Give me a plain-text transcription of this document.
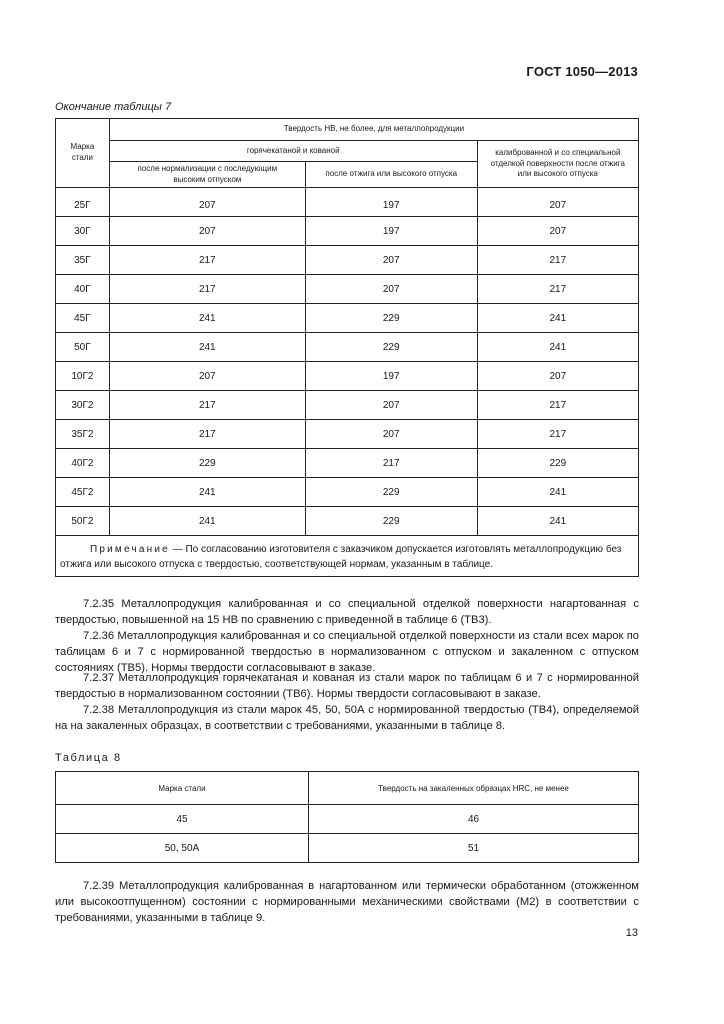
ГОСТ 1050—2013
Окончание таблицы 7
Марка стали	Твердость НВ, не более, для металлопродукции		
	горячекатаной и кованой		калиброванной и со специальной отделкой поверхности после отжига или высокого отпуска
	после нормализации с последующим высоким отпуском	после отжига или высокого отпуска	
25Г	207	197	207
30Г	207	197	207
35Г	217	207	217
40Г	217	207	217
45Г	241	229	241
50Г	241	229	241
10Г2	207	197	207
30Г2	217	207	217
35Г2	217	207	217
40Г2	229	217	229
45Г2	241	229	241
50Г2	241	229	241
Примечание — По согласованию изготовителя с заказчиком допускается изготовлять металлопродукцию без отжига или высокого отпуска с твердостью, соответствующей нормам, указанным в таблице.			

7.2.35 Металлопродукция калиброванная и со специальной отделкой поверхности нагартованная с твердостью, повышенной на 15 НВ по сравнению с приведенной в таблице 6 (ТВ3).

7.2.36 Металлопродукция калиброванная и со специальной отделкой поверхности из стали всех марок по таблицам 6 и 7 с нормированной твердостью в нормализованном с отпуском и закаленном с отпуском состояниях (ТВ5). Нормы твердости согласовывают в заказе.

7.2.37 Металлопродукция горячекатаная и кованая из стали марок по таблицам 6 и 7 с нормированной твердостью в нормализованном состоянии (ТВ6). Нормы твердости согласовывают в заказе.

7.2.38 Металлопродукция из стали марок 45, 50, 50А с нормированной твердостью (ТВ4), определяемой на на закаленных образцах, в соответствии с требованиями, указанными в таблице 8.

Таблица 8
Марка стали	Твердость на закаленных образцах HRC, не менее
45	46
50, 50А	51

7.2.39 Металлопродукция калиброванная в нагартованном или термически обработанном (отожженном или высокоотпущенном) состоянии с нормированными механическими свойствами (М2) в соответствии с требованиями, указанными в таблице 9.

13
